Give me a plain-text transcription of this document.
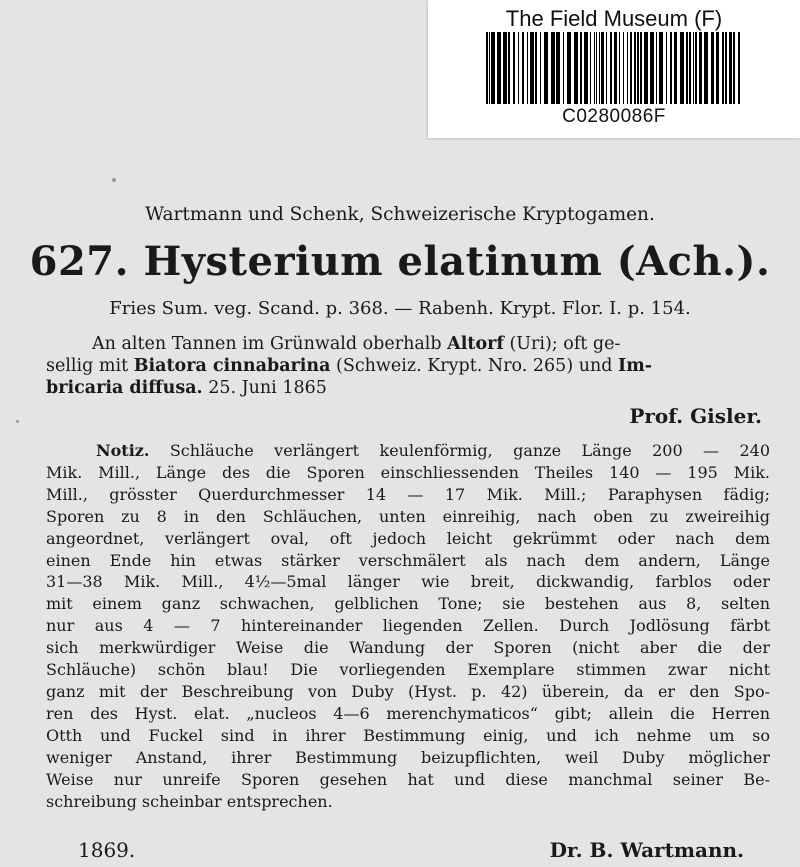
The Field Museum (F)
C0280086F
Wartmann und Schenk, Schweizerische Kryptogamen.
627. Hysterium elatinum (Ach.).
Fries Sum. veg. Scand. p. 368. — Rabenh. Krypt. Flor. I. p. 154.
An alten Tannen im Grünwald oberhalb Altorf (Uri); oft ge-
sellig mit Biatora cinnabarina (Schweiz. Krypt. Nro. 265) und Im-
bricaria diffusa. 25. Juni 1865
Prof. Gisler.
Notiz. Schläuche verlängert keulenförmig, ganze Länge 200 — 240
Mik. Mill., Länge des die Sporen einschliessenden Theiles 140 — 195 Mik.
Mill., grösster Querdurchmesser 14 — 17 Mik. Mill.; Paraphysen fädig;
Sporen zu 8 in den Schläuchen, unten einreihig, nach oben zu zweireihig
angeordnet, verlängert oval, oft jedoch leicht gekrümmt oder nach dem
einen Ende hin etwas stärker verschmälert als nach dem andern, Länge
31—38 Mik. Mill., 4½—5mal länger wie breit, dickwandig, farblos oder
mit einem ganz schwachen, gelblichen Tone; sie bestehen aus 8, selten
nur aus 4 — 7 hintereinander liegenden Zellen. Durch Jodlösung färbt
sich merkwürdiger Weise die Wandung der Sporen (nicht aber die der
Schläuche) schön blau! Die vorliegenden Exemplare stimmen zwar nicht
ganz mit der Beschreibung von Duby (Hyst. p. 42) überein, da er den Spo-
ren des Hyst. elat. „nucleos 4—6 merenchymaticos“ gibt; allein die Herren
Otth und Fuckel sind in ihrer Bestimmung einig, und ich nehme um so
weniger Anstand, ihrer Bestimmung beizupflichten, weil Duby möglicher
Weise nur unreife Sporen gesehen hat und diese manchmal seiner Be-
schreibung scheinbar entsprechen.
1869.	Dr. B. Wartmann.
